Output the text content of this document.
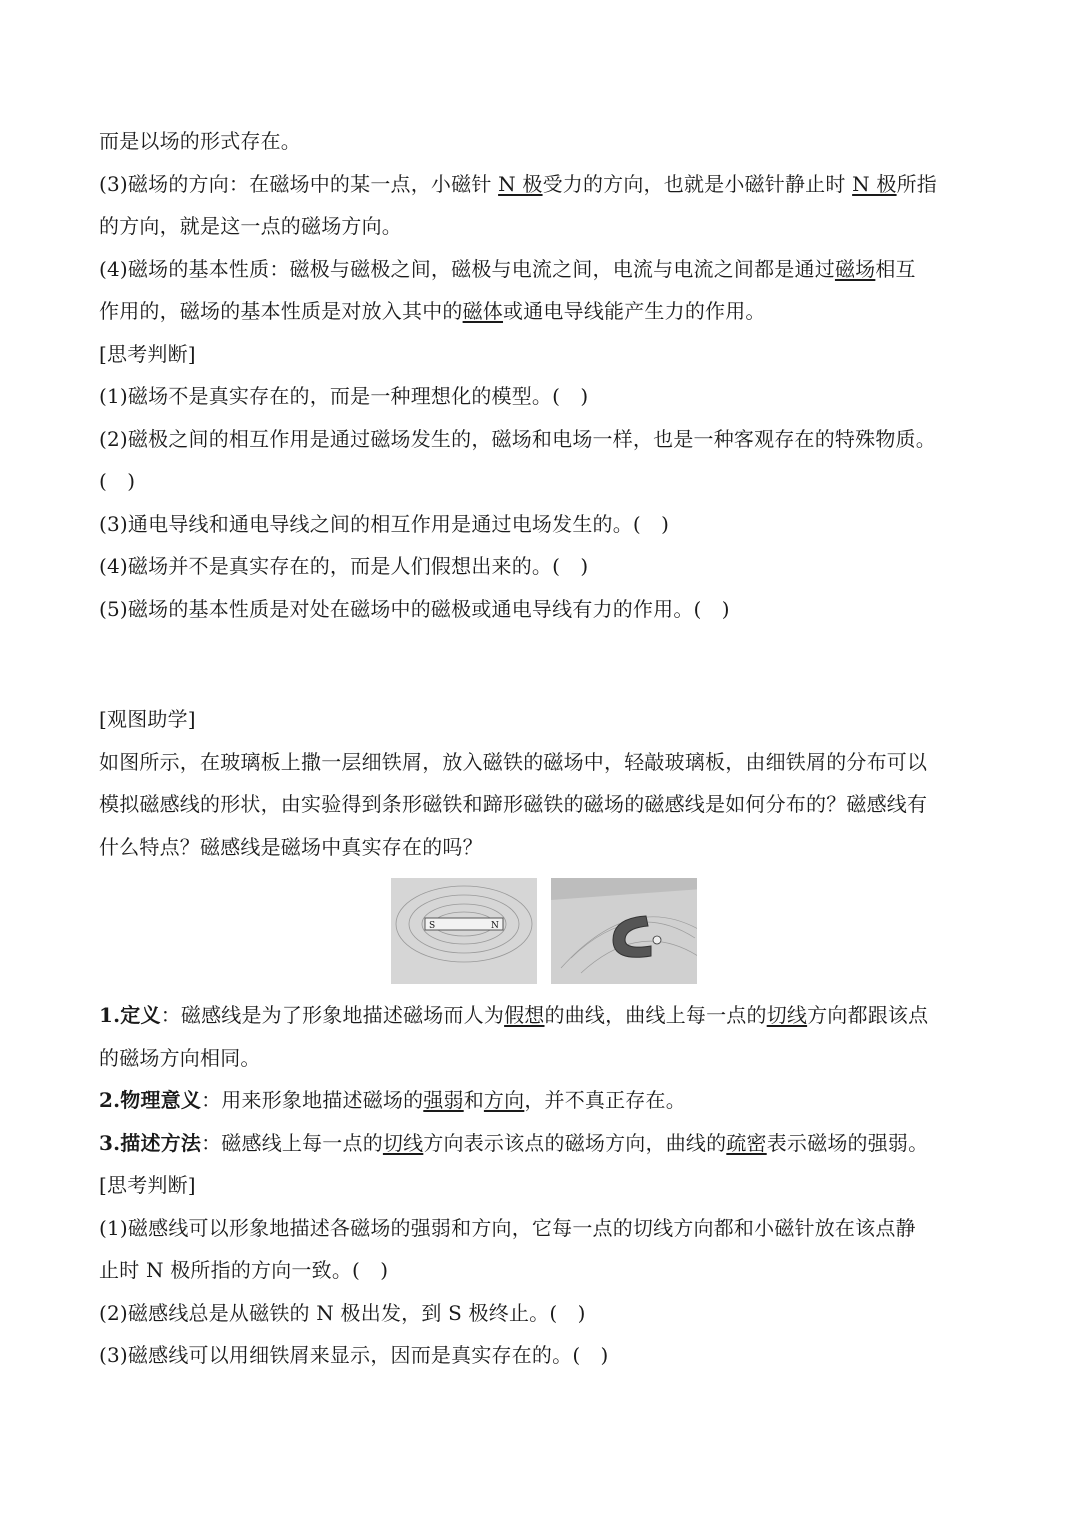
而是以场的形式存在。
(3)磁场的方向：在磁场中的某一点，小磁针 N 极受力的方向，也就是小磁针静止时 N 极所指
的方向，就是这一点的磁场方向。
(4)磁场的基本性质：磁极与磁极之间，磁极与电流之间，电流与电流之间都是通过磁场相互
作用的，磁场的基本性质是对放入其中的磁体或通电导线能产生力的作用。
[思考判断]
(1)磁场不是真实存在的，而是一种理想化的模型。(　)
(2)磁极之间的相互作用是通过磁场发生的，磁场和电场一样，也是一种客观存在的特殊物质。
(　)
(3)通电导线和通电导线之间的相互作用是通过电场发生的。(　)
(4)磁场并不是真实存在的，而是人们假想出来的。(　)
(5)磁场的基本性质是对处在磁场中的磁极或通电导线有力的作用。(　)
[观图助学]
如图所示，在玻璃板上撒一层细铁屑，放入磁铁的磁场中，轻敲玻璃板，由细铁屑的分布可以
模拟磁感线的形状，由实验得到条形磁铁和蹄形磁铁的磁场的磁感线是如何分布的？磁感线有
什么特点？磁感线是磁场中真实存在的吗？
S	N
1.定义：磁感线是为了形象地描述磁场而人为假想的曲线，曲线上每一点的切线方向都跟该点
的磁场方向相同。
2.物理意义：用来形象地描述磁场的强弱和方向，并不真正存在。
3.描述方法：磁感线上每一点的切线方向表示该点的磁场方向，曲线的疏密表示磁场的强弱。
[思考判断]
(1)磁感线可以形象地描述各磁场的强弱和方向，它每一点的切线方向都和小磁针放在该点静
止时 N 极所指的方向一致。(　)
(2)磁感线总是从磁铁的 N 极出发，到 S 极终止。(　)
(3)磁感线可以用细铁屑来显示，因而是真实存在的。(　)
